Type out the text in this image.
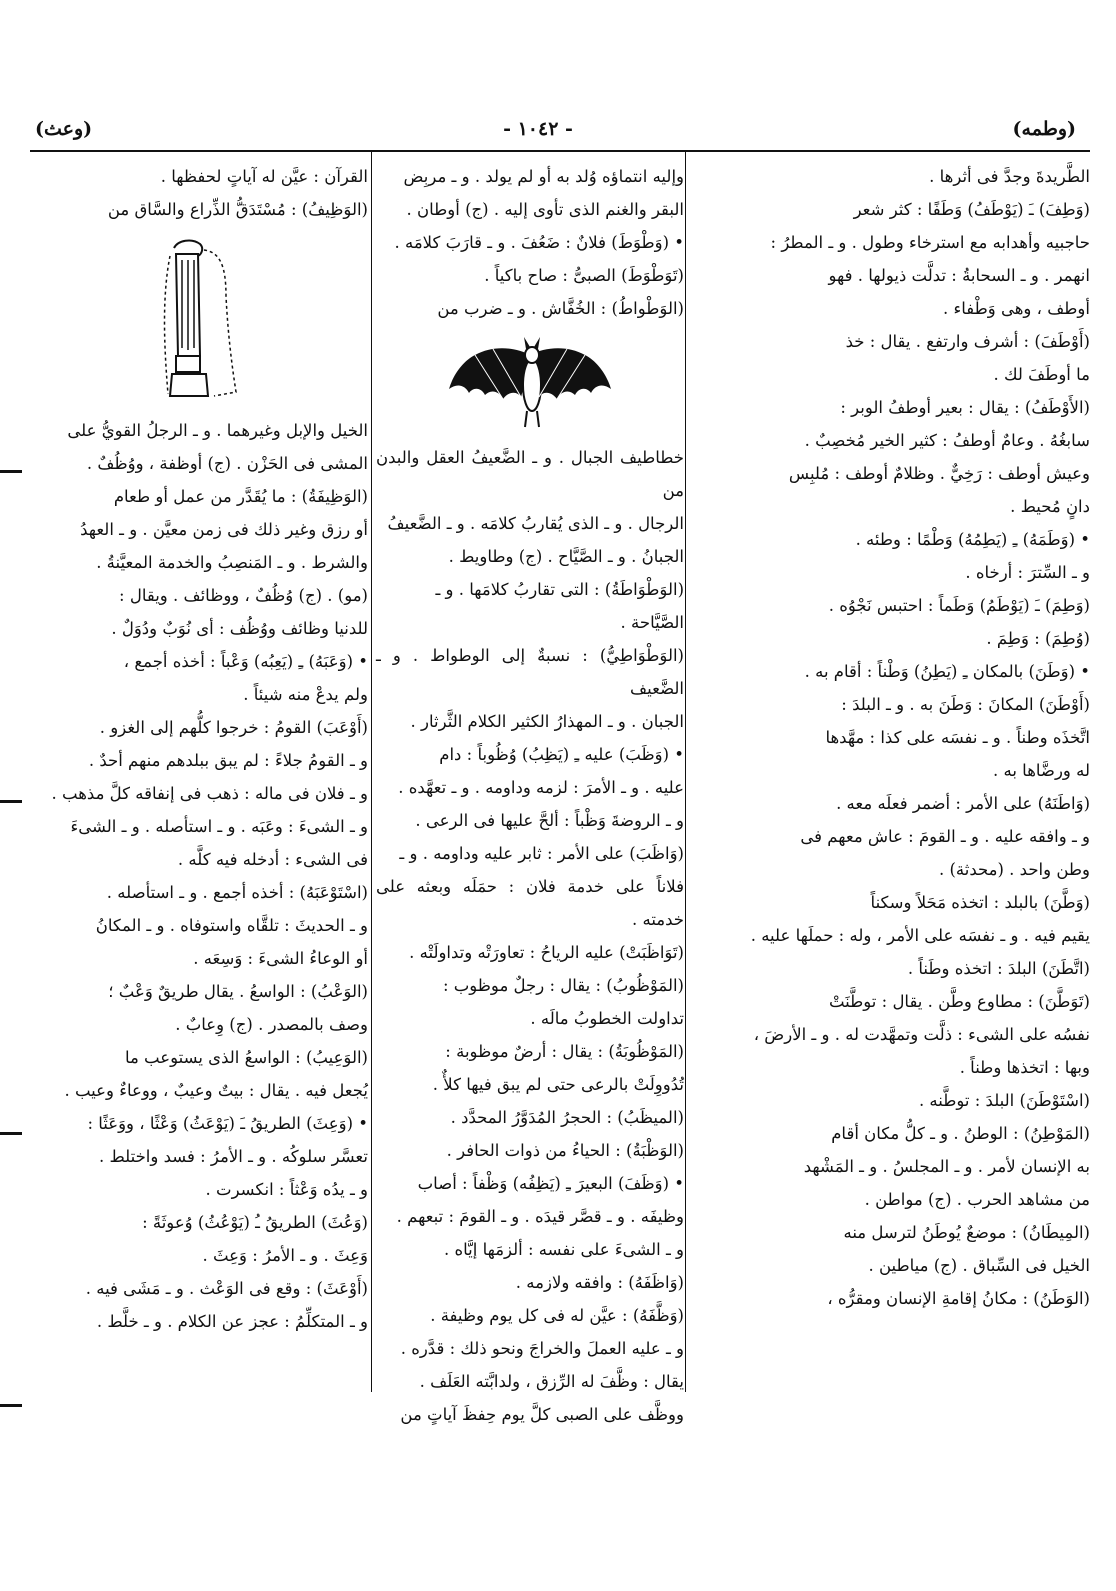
(وعث)	- ١٠٤٢ -	(وطمه)

الطَّريدةَ وجدَّ فى أثرها .

(وَطِفَ) ـَ (يَوْطَفُ) وَطَفًا : كثر شعر

حاجبيه وأهدابه مع استرخاء وطول . و ـ المطرُ :

انهمر . و ـ السحابةُ : تدلَّت ذيولها . فهو

أوطف ، وهى وَطْفاء .

(أَوْطَفَ) : أشرف وارتفع . يقال : خذ

ما أوطَفَ لك .

(الأَوْطَفُ) : يقال : بعير أوطفُ الوبر :

سابغُهُ . وعامٌ أوطفُ : كثير الخير مُخصِبٌ .

وعيش أوطف : رَخِيٌّ . وظلامٌ أوطف : مُلبِس

دانٍ مُحيط .

• (وَطَمَهُ) ـِ (يَطِمُهُ) وَطْمًا : وطئه .

و ـ السِّترَ : أرخاه .

(وَطِمَ) ـَ (يَوْطَمُ) وَطَماً : احتبس نَجْوُه .

(وُطِمَ) : وَطِمَ .

• (وَطَنَ) بالمكان ـِ (يَطِنُ) وَطْناً : أقام به .

(أَوْطَنَ) المكانَ : وَطَنَ به . و ـ البلدَ :

اتَّخذَه وطناً . و ـ نفسَه على كذا : مهَّدها

له ورضَّاها به .

(وَاطَنَهُ) على الأمر : أضمر فعلَه معه .

و ـ وافقه عليه . و ـ القومَ : عاش معهم فى

وطن واحد . (محدثة) .

(وَطَّنَ) بالبلد : اتخذه مَحَلاً وسكناً

يقيم فيه . و ـ نفسَه على الأمر ، وله : حملَها عليه .

(اتَّطَنَ) البلدَ : اتخذه وطَناً .

(تَوَطَّنَ) : مطاوع وطَّن . يقال : توطَّنَتْ

نفسُه على الشىء : ذلَّت وتمهَّدت له . و ـ الأرضَ ،

وبها : اتخذها وطناً .

(اسْتَوْطَنَ) البلدَ : توطَّنه .

(المَوْطِنُ) : الوطنُ . و ـ كلُّ مكان أقام

به الإنسان لأمر . و ـ المجلسُ . و ـ المَشْهد

من مشاهد الحرب . (ج) مواطن .

(المِيطَانُ) : موضعٌ يُوطَنُ لترسل منه

الخيل فى السِّباق . (ج) مياطين .

(الوَطَنُ) : مكانُ إقامةِ الإنسان ومقرُّه ،

وإليه انتماؤه وُلد به أو لم يولد . و ـ مربِض

البقر والغنم الذى تأوى إليه . (ج) أوطان .

• (وَطْوَطَ) فلانٌ : ضَعُفَ . و ـ قارَبَ كلامَه .

(تَوَطْوَطَ) الصبىُّ : صاح باكياً .

(الوَطْواطُ) : الخُفَّاش . و ـ ضرب من

خطاطيف الجبال . و ـ الضَّعيفُ العقل والبدن من

الرجال . و ـ الذى يُقاربُ كلامَه . و ـ الضَّعيفُ

الجبانُ . و ـ الصَّيَّاح . (ج) وطاويط .

(الوَطْوَاطَةُ) : التى تقاربُ كلامَها . و ـ

الصَّيَّاحة .

(الوَطْوَاطِيُّ) : نسبةٌ إلى الوطواط . و ـ الضَّعيف

الجبان . و ـ المهذارُ الكثير الكلام الثَّرثار .

• (وَظَبَ) عليه ـِ (يَظِبُ) وُظُوباً : دام

عليه . و ـ الأمرَ : لزمه وداومه . و ـ تعهَّده .

و ـ الروضةَ وَظْباً : ألحَّ عليها فى الرعى .

(وَاظَبَ) على الأمر : ثابر عليه وداومه . و ـ

فلاناً على خدمة فلان : حمَلَه وبعثه على خدمته .

(تَوَاظَبَتْ) عليه الرياحُ : تعاورَتْه وتداولَتْه .

(المَوْظُوبُ) : يقال : رجلٌ موظوب :

تداولت الخطوبُ مالَه .

(المَوْظُوبَةُ) : يقال : أرضٌ موظوبة :

تُدُووِلَتْ بالرعى حتى لم يبق فيها كلأٌ .

(الميظَبُ) : الحجرُ المُدَوَّرُ المحدَّد .

(الوَظْبَةُ) : الحياءُ من ذوات الحافر .

• (وَظَفَ) البعيرَ ـِ (يَظِفُه) وَظْفاً : أصاب

وظيفَه . و ـ قصَّر قيدَه . و ـ القومَ : تبعهم .

و ـ الشىءَ على نفسه : ألزمَها إيَّاه .

(وَاظَفَهُ) : وافقه ولازمه .

(وَظَّفَهُ) : عيَّن له فى كل يوم وظيفة .

و ـ عليه العملَ والخراجَ ونحو ذلك : قدَّره .

يقال : وظَّفَ له الرِّزق ، ولدابَّته العَلَف .

ووظَّف على الصبى كلَّ يوم حِفظَ آياتٍ من

القرآن : عيَّن له آياتٍ لحفظها .

(الوَظِيفُ) : مُسْتَدَقُّ الذِّراع والسَّاق من

الخيل والإبل وغيرهما . و ـ الرجلُ القويُّ على

المشى فى الحَزْن . (ج) أوظفة ، ووُظُفٌ .

(الوَظِيفَةُ) : ما يُقَدَّر من عمل أو طعام

أو رزق وغير ذلك فى زمن معيَّن . و ـ العهدُ

والشرط . و ـ المَنصِبُ والخدمة المعيَّنةُ .

(مو) . (ج) وُظُفٌ ، ووظائف . ويقال :

للدنيا وظائف ووُظُف : أى نُوَبٌ ودُوَلٌ .

• (وَعَبَهُ) ـِ (يَعِبُه) وَعْباً : أخذه أجمع ،

ولم يدعْ منه شيئاً .

(أَوْعَبَ) القومُ : خرجوا كلُّهم إلى الغزو .

و ـ القومُ جلاءً : لم يبق ببلدهم منهم أحدٌ .

و ـ فلان فى ماله : ذهب فى إنفاقه كلَّ مذهب .

و ـ الشىءَ : وعَبَه . و ـ استأصله . و ـ الشىءَ

فى الشىء : أدخله فيه كلَّه .

(اسْتَوْعَبَهُ) : أخذه أجمع . و ـ استأصله .

و ـ الحديثَ : تلقَّاه واستوفاه . و ـ المكانُ

أو الوعاءُ الشىءَ : وَسِعَه .

(الوَعْبُ) : الواسعُ . يقال طريقٌ وَعْبٌ ؛

وصف بالمصدر . (ج) وِعابٌ .

(الوَعِيبُ) : الواسعُ الذى يستوعب ما

يُجعل فيه . يقال : بيتٌ وعيبٌ ، ووعاءٌ وعيب .

• (وَعِثَ) الطريقُ ـَ (يَوْعَثُ) وَعْثًا ، ووَعَثًا :

تعسَّر سلوكُه . و ـ الأمرُ : فسد واختلط .

و ـ يدُه وَعْثاً : انكسرت .

(وَعُثَ) الطريقُ ـُ (يَوْعُثُ) وُعوثَةً :

وَعِثَ . و ـ الأمرُ : وَعِثَ .

(أَوْعَثَ) : وقع فى الوَعْث . و ـ مَشَى فيه .

و ـ المتكلِّمُ : عجز عن الكلام . و ـ خلَّط .
